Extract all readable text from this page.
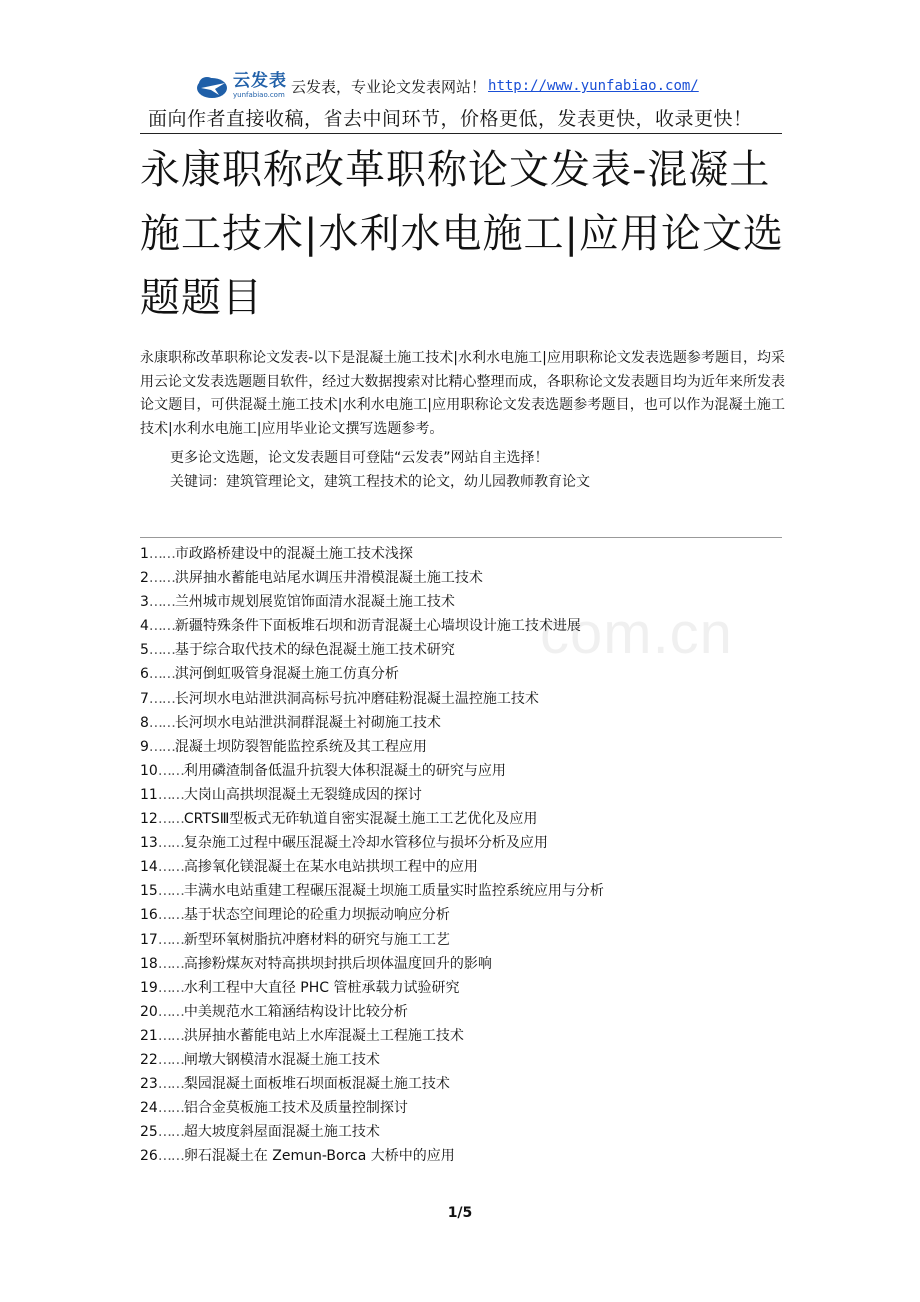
云发表
yunfabiao.com 云发表，专业论文发表网站！ http://www.yunfabiao.com/
面向作者直接收稿，省去中间环节，价格更低，发表更快，收录更快！
永康职称改革职称论文发表-混凝土施工技术|水利水电施工|应用论文选题题目

永康职称改革职称论文发表-以下是混凝土施工技术|水利水电施工|应用职称论文发表选题参考题目，均采用云论文发表选题题目软件，经过大数据搜索对比精心整理而成，各职称论文发表题目均为近年来所发表论文题目，可供混凝土施工技术|水利水电施工|应用职称论文发表选题参考题目，也可以作为混凝土施工技术|水利水电施工|应用毕业论文撰写选题参考。

更多论文选题，论文发表题目可登陆“云发表”网站自主选择！
关键词：建筑管理论文，建筑工程技术的论文，幼儿园教师教育论文
1……市政路桥建设中的混凝土施工技术浅探
2……洪屏抽水蓄能电站尾水调压井滑模混凝土施工技术
3……兰州城市规划展览馆饰面清水混凝土施工技术
4……新疆特殊条件下面板堆石坝和沥青混凝土心墙坝设计施工技术进展
5……基于综合取代技术的绿色混凝土施工技术研究
6……淇河倒虹吸管身混凝土施工仿真分析
7……长河坝水电站泄洪洞高标号抗冲磨硅粉混凝土温控施工技术
8……长河坝水电站泄洪洞群混凝土衬砌施工技术
9……混凝土坝防裂智能监控系统及其工程应用
10……利用磷渣制备低温升抗裂大体积混凝土的研究与应用
11……大岗山高拱坝混凝土无裂缝成因的探讨
12……CRTSⅢ型板式无砟轨道自密实混凝土施工工艺优化及应用
13……复杂施工过程中碾压混凝土冷却水管移位与损坏分析及应用
14……高掺氧化镁混凝土在某水电站拱坝工程中的应用
15……丰满水电站重建工程碾压混凝土坝施工质量实时监控系统应用与分析
16……基于状态空间理论的砼重力坝振动响应分析
17……新型环氧树脂抗冲磨材料的研究与施工工艺
18……高掺粉煤灰对特高拱坝封拱后坝体温度回升的影响
19……水利工程中大直径 PHC 管桩承载力试验研究
20……中美规范水工箱涵结构设计比较分析
21……洪屏抽水蓄能电站上水库混凝土工程施工技术
22……闸墩大钢模清水混凝土施工技术
23……梨园混凝土面板堆石坝面板混凝土施工技术
24……铝合金莫板施工技术及质量控制探讨
25……超大坡度斜屋面混凝土施工技术
26……卵石混凝土在 Zemun-Borca 大桥中的应用
com.cn
1/5
